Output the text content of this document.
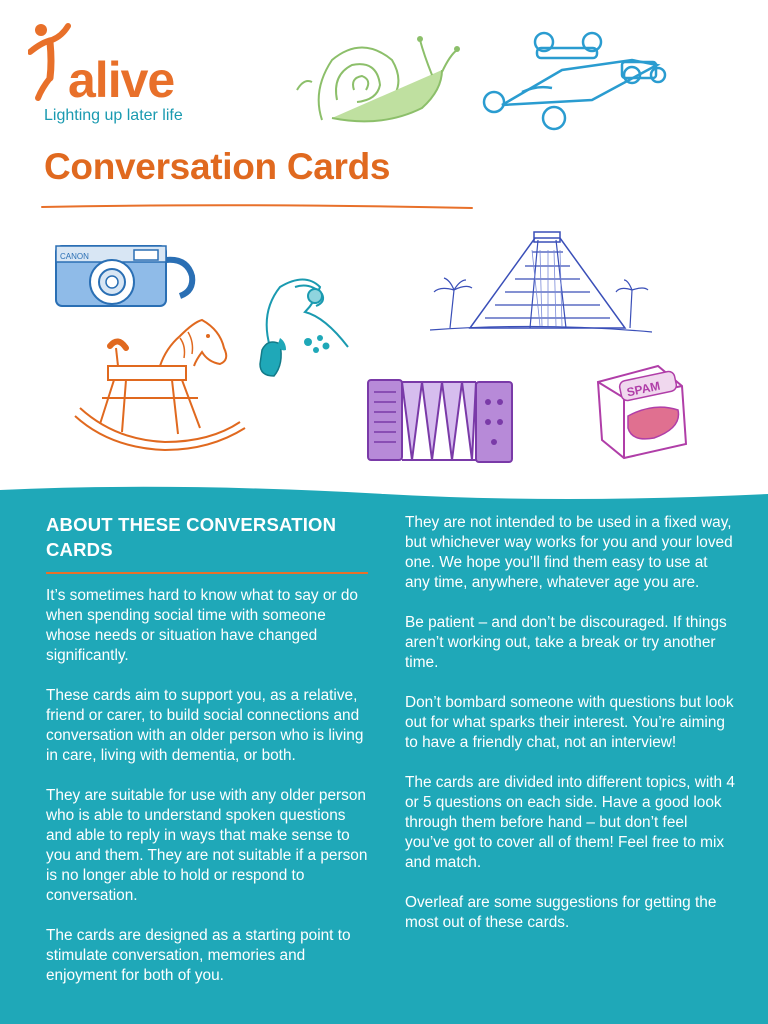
alive
Lighting up later life
Conversation Cards
CANON
SPAM
ABOUT THESE CONVERSATION CARDS

It’s sometimes hard to know what to say or do when spending social time with someone whose needs or situation have changed significantly.

These cards aim to support you, as a relative, friend or carer, to build social connections and conversation with an older person who is living in care, living with dementia, or both.

They are suitable for use with any older person who is able to understand spoken questions and able to reply in ways that make sense to you and them. They are not suitable if a person is no longer able to hold or respond to conversation.

The cards are designed as a starting point to stimulate conversation, memories and enjoyment for both of you.

They are not intended to be used in a fixed way, but whichever way works for you and your loved one. We hope you’ll find them easy to use at any time, anywhere, whatever age you are.

Be patient – and don’t be discouraged. If things aren’t working out, take a break or try another time.

Don’t bombard someone with questions but look out for what sparks their interest. You’re aiming to have a friendly chat, not an interview!

The cards are divided into different topics, with 4 or 5 questions on each side. Have a good look through them before hand – but don’t feel you’ve got to cover all of them! Feel free to mix and match.

Overleaf are some suggestions for getting the most out of these cards.
